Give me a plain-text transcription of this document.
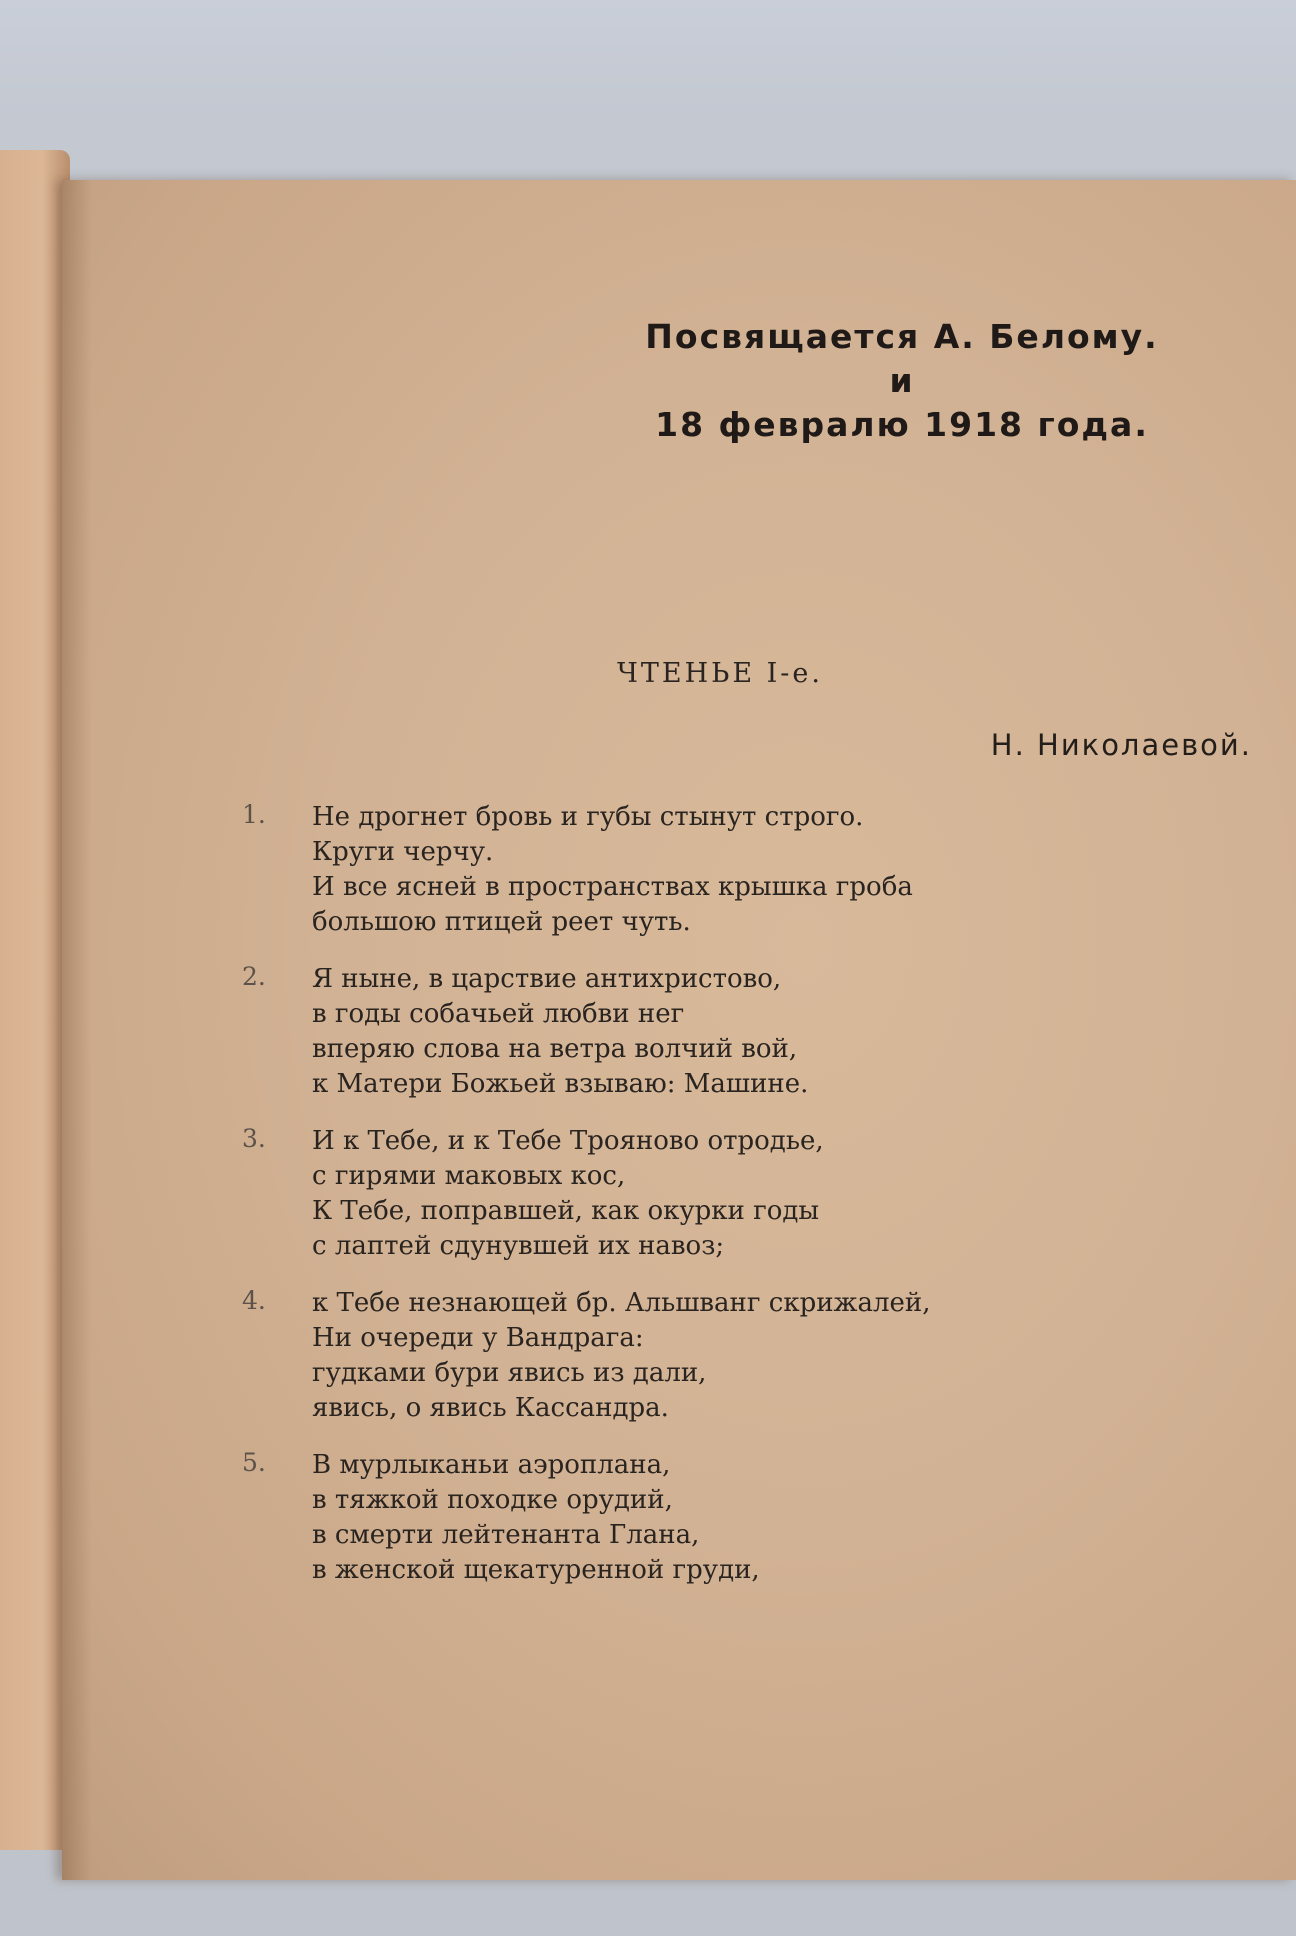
Посвящается А. Белому.
и
18 февралю 1918 года.
ЧТЕНЬЕ I-е.
Н. Николаевой.
1.	Не дрогнет бровь и губы стынут строго.
Круги черчу.
И все ясней в пространствах крышка гроба
большою птицей реет чуть.
2.	Я ныне, в царствие антихристово,
в годы собачьей любви нег
вперяю слова на ветра волчий вой,
к Матери Божьей взываю: Машине.
3.	И к Тебе, и к Тебе Трояново отродье,
с гирями маковых кос,
К Тебе, поправшей, как окурки годы
с лаптей сдунувшей их навоз;
4.	к Тебе незнающей бр. Альшванг скрижалей,
Ни очереди у Вандрага:
гудками бури явись из дали,
явись, о явись Кассандра.
5.	В мурлыканьи аэроплана,
в тяжкой походке орудий,
в смерти лейтенанта Глана,
в женской щекатуренной груди,
